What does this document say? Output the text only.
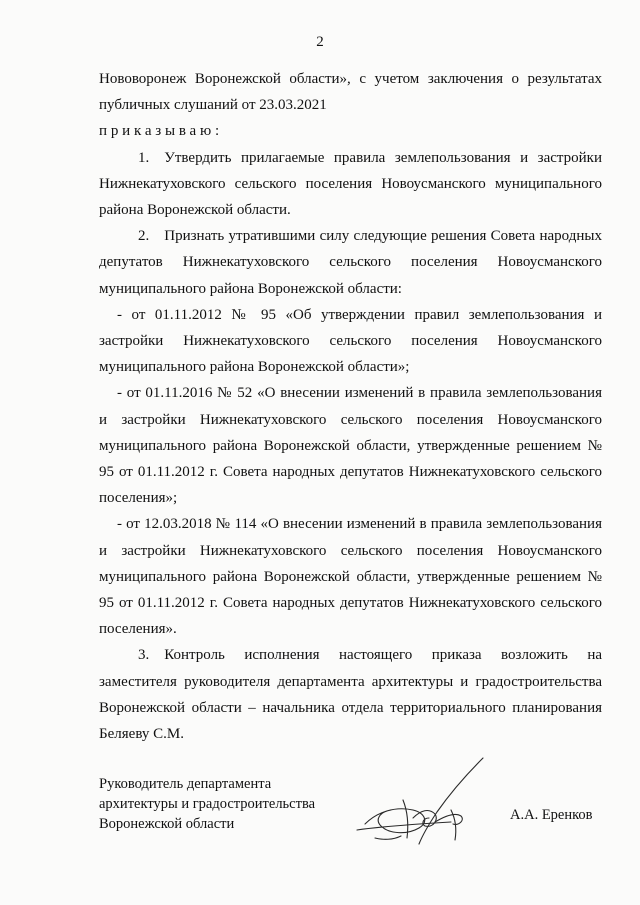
2

Нововоронеж Воронежской области», с учетом заключения о результатах публичных слушаний от 23.03.2021

приказываю:

1. Утвердить прилагаемые правила землепользования и застройки Нижнекатуховского сельского поселения Новоусманского муниципального района Воронежской области.

2. Признать утратившими силу следующие решения Совета народных депутатов Нижнекатуховского сельского поселения Новоусманского муниципального района Воронежской области:

- от 01.11.2012 № 95 «Об утверждении правил землепользования и застройки Нижнекатуховского сельского поселения Новоусманского муниципального района Воронежской области»;

- от 01.11.2016 № 52 «О внесении изменений в правила землепользования и застройки Нижнекатуховского сельского поселения Новоусманского муниципального района Воронежской области, утвержденные решением № 95 от 01.11.2012 г. Совета народных депутатов Нижнекатуховского сельского поселения»;

- от 12.03.2018 № 114 «О внесении изменений в правила землепользования и застройки Нижнекатуховского сельского поселения Новоусманского муниципального района Воронежской области, утвержденные решением № 95 от 01.11.2012 г. Совета народных депутатов Нижнекатуховского сельского поселения».

3. Контроль исполнения настоящего приказа возложить на заместителя руководителя департамента архитектуры и градостроительства Воронежской области – начальника отдела территориального планирования Беляеву С.М.

Руководитель департамента
архитектуры и градостроительства
Воронежской области
А.А. Еренков
